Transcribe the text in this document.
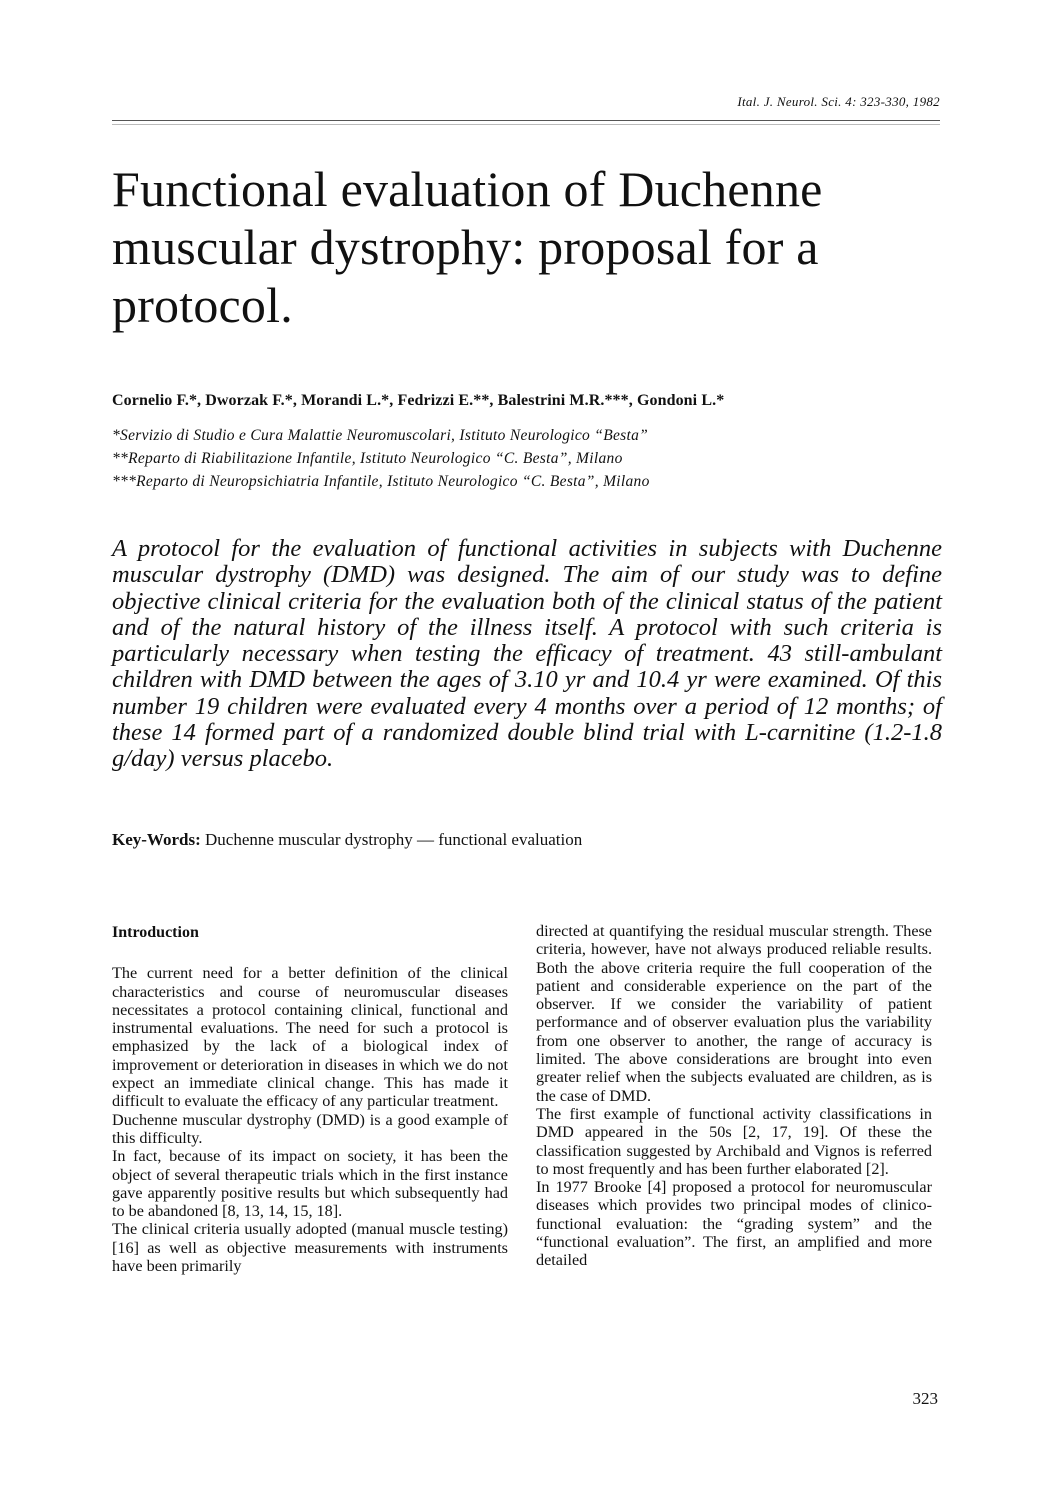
Ital. J. Neurol. Sci. 4: 323-330, 1982
Functional evaluation of Duchenne muscular dystrophy: proposal for a protocol.
Cornelio F.*, Dworzak F.*, Morandi L.*, Fedrizzi E.**, Balestrini M.R.***, Gondoni L.*
*Servizio di Studio e Cura Malattie Neuromuscolari, Istituto Neurologico “Besta”
**Reparto di Riabilitazione Infantile, Istituto Neurologico “C. Besta”, Milano
***Reparto di Neuropsichiatria Infantile, Istituto Neurologico “C. Besta”, Milano

A protocol for the evaluation of functional activities in subjects with Duchenne muscular dystrophy (DMD) was designed. The aim of our study was to define objective clinical criteria for the evaluation both of the clinical status of the patient and of the natural history of the illness itself. A protocol with such criteria is particularly necessary when testing the efficacy of treatment. 43 still-ambulant children with DMD between the ages of 3.10 yr and 10.4 yr were examined. Of this number 19 children were evaluated every 4 months over a period of 12 months; of these 14 formed part of a randomized double blind trial with L-carnitine (1.2-1.8 g/day) versus placebo.

Key-Words: Duchenne muscular dystrophy — functional evaluation
Introduction

The current need for a better definition of the clinical characteristics and course of neuromuscular diseases necessitates a protocol containing clinical, functional and instrumental evaluations. The need for such a protocol is emphasized by the lack of a biological index of improvement or deterioration in diseases in which we do not expect an immediate clinical change. This has made it difficult to evaluate the efficacy of any particular treatment.

Duchenne muscular dystrophy (DMD) is a good example of this difficulty.

In fact, because of its impact on society, it has been the object of several therapeutic trials which in the first instance gave apparently positive results but which subsequently had to be abandoned [8, 13, 14, 15, 18].

The clinical criteria usually adopted (manual muscle testing) [16] as well as objective measurements with instruments have been primarily

directed at quantifying the residual muscular strength. These criteria, however, have not always produced reliable results. Both the above criteria require the full cooperation of the patient and considerable experience on the part of the observer. If we consider the variability of patient performance and of observer evaluation plus the variability from one observer to another, the range of accuracy is limited. The above considerations are brought into even greater relief when the subjects evaluated are children, as is the case of DMD.

The first example of functional activity classifications in DMD appeared in the 50s [2, 17, 19]. Of these the classification suggested by Archibald and Vignos is referred to most frequently and has been further elaborated [2].

In 1977 Brooke [4] proposed a protocol for neuromuscular diseases which provides two principal modes of clinico-functional evaluation: the “grading system” and the “functional evaluation”. The first, an amplified and more detailed

323
